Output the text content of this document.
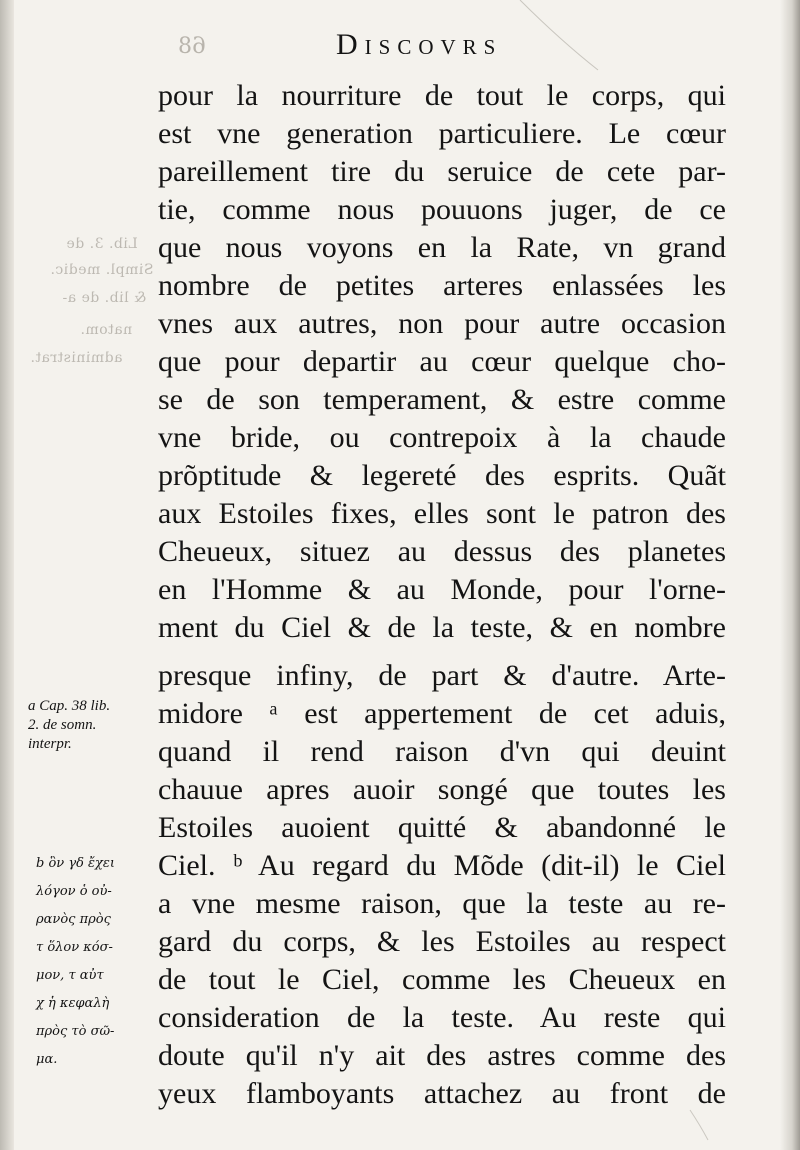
Lib. 3. de
Simpl. medic.
& lib. de a-
natom.
administrat.
68	Discovrs
pour la nourriture de tout le corps, qui
est vne generation particuliere. Le cœur
pareillement tire du seruice de cete par-
tie, comme nous pouuons juger, de ce
que nous voyons en la Rate, vn grand
nombre de petites arteres enlassées les
vnes aux autres, non pour autre occasion
que pour departir au cœur quelque cho-
se de son temperament, & estre comme
vne bride, ou contrepoix à la chaude
prõptitude & legereté des esprits. Quãt
aux Estoiles fixes, elles sont le patron des
Cheueux, situez au dessus des planetes
en l'Homme & au Monde, pour l'orne-
ment du Ciel & de la teste, & en nombre
presque infiny, de part & d'autre. Arte-
midore ᵃ est appertement de cet aduis,
quand il rend raison d'vn qui deuint
chauue apres auoir songé que toutes les
Estoiles auoient quitté & abandonné le
Ciel. ᵇ Au regard du Mõde (dit-il) le Ciel
a vne mesme raison, que la teste au re-
gard du corps, & les Estoiles au respect
de tout le Ciel, comme les Cheueux en
consideration de la teste. Au reste qui
doute qu'il n'y ait des astres comme des
yeux flamboyants attachez au front de
a Cap. 38 lib.
2. de somn.
interpr.
b ὃν γδ ἔχει
λόγον ὁ οὐ-
ρανὸς πρὸς
τ ὅλον κόσ-
μον, τ αὐτ
χ ἡ κεφαλὴ
πρὸς τὸ σῶ-
μα.
